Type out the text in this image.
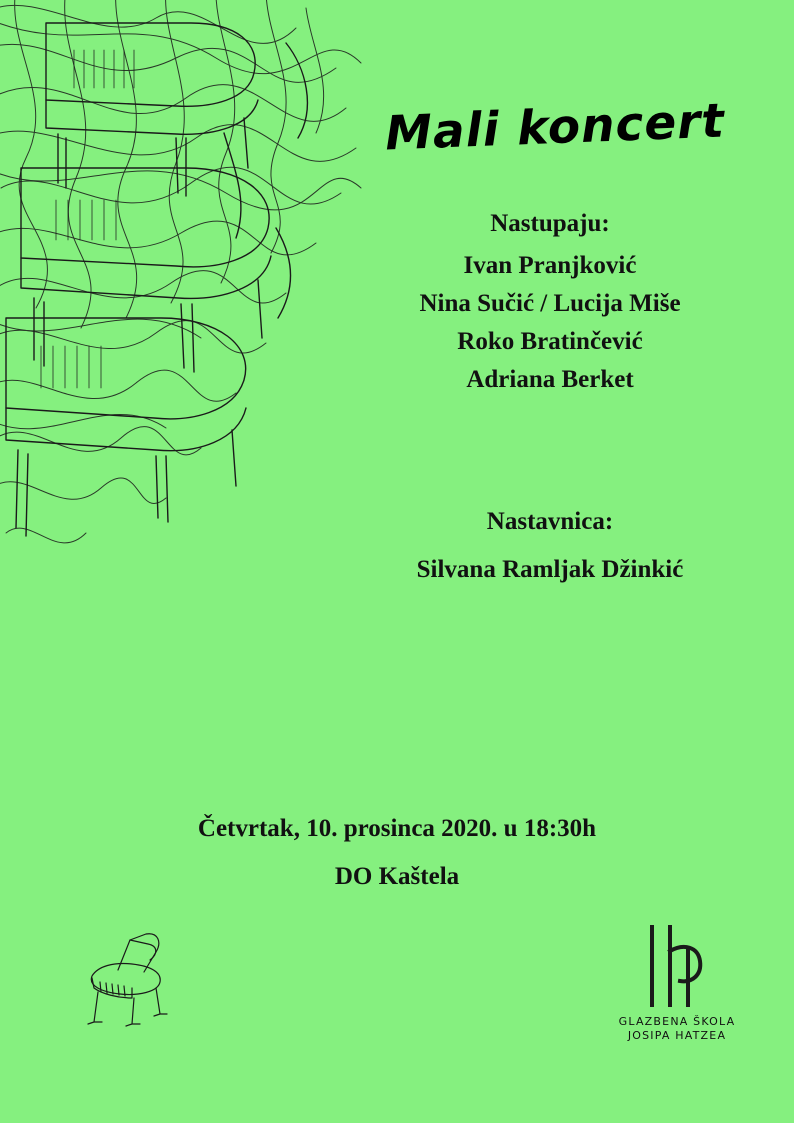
Mali koncert
Nastupaju:
Ivan Pranjković
Nina Sučić / Lucija Miše
Roko Bratinčević
Adriana Berket
Nastavnica:
Silvana Ramljak Džinkić
Četvrtak, 10. prosinca 2020. u 18:30h
DO Kaštela
GLAZBENA ŠKOLA
JOSIPA HATZEA
